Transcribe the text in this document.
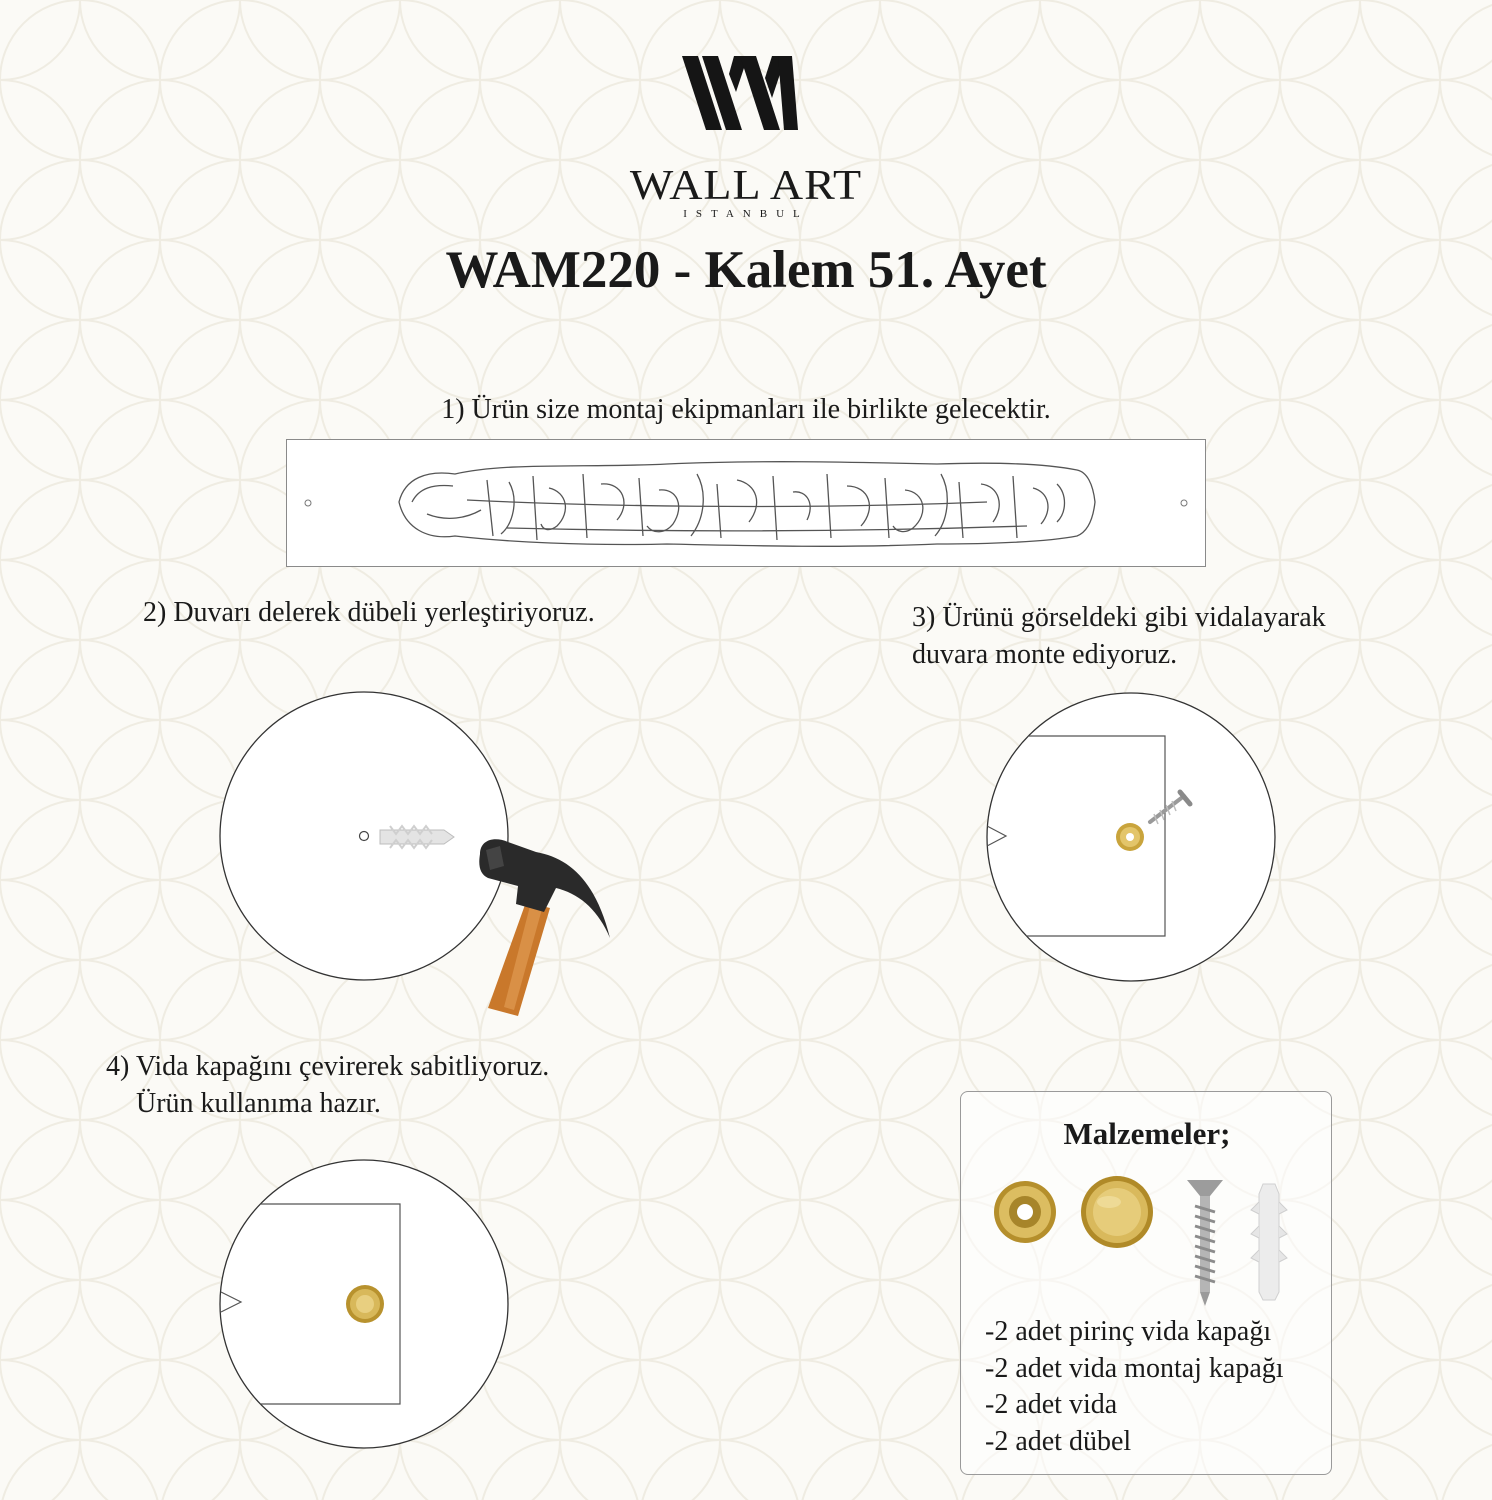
WALL ART
ISTANBUL
WAM220 - Kalem 51. Ayet
1) Ürün size montaj ekipmanları ile birlikte gelecektir.
2) Duvarı delerek dübeli yerleştiriyoruz.	3) Ürünü görseldeki gibi vidalayarak
duvara monte ediyoruz.
4) Vida kapağını çevirerek sabitliyoruz.
Ürün kullanıma hazır.
Malzemeler;
-2 adet pirinç vida kapağı
-2 adet vida montaj kapağı
-2 adet vida
-2 adet dübel
